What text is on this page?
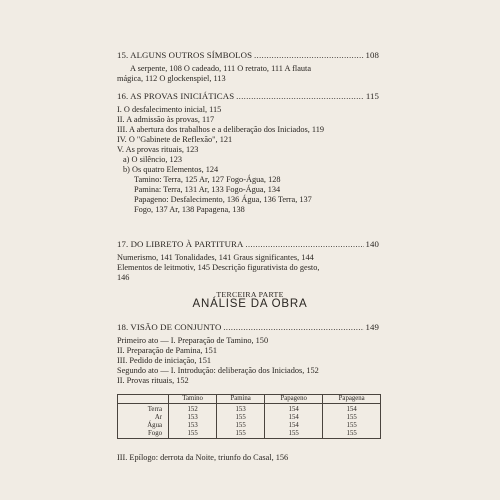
15. ALGUNS OUTROS SÍMBOLOS .....	108
A serpente, 108 O cadeado, 111 O retrato, 111 A flauta
mágica, 112 O glockenspiel, 113
16. AS PROVAS INICIÁTICAS .....	115
I. O desfalecimento inicial, 115
II. A admissão às provas, 117
III. A abertura dos trabalhos e a deliberação dos Iniciados, 119
IV. O "Gabinete de Reflexão", 121
V. As provas rituais, 123
a) O silêncio, 123
b) Os quatro Elementos, 124
Tamino: Terra, 125 Ar, 127 Fogo-Água, 128
Pamina: Terra, 131 Ar, 133 Fogo-Água, 134
Papageno: Desfalecimento, 136 Água, 136 Terra, 137
Fogo, 137 Ar, 138 Papagena, 138
17. DO LIBRETO À PARTITURA .....	140
Numerismo, 141 Tonalidades, 141 Graus significantes, 144
Elementos de leitmotiv, 145 Descrição figurativista do gesto,
146
TERCEIRA PARTE
ANÁLISE DA OBRA
18. VISÃO DE CONJUNTO .....	149
Primeiro ato — I. Preparação de Tamino, 150
II. Preparação de Pamina, 151
III. Pedido de iniciação, 151
Segundo ato — I. Introdução: deliberação dos Iniciados, 152
II. Provas rituais, 152
	Tamino	Pamina	Papageno	Papagena
Terra	152	153	154	154
Ar	153	155	154	155
Água	153	155	154	155
Fogo	155	155	155	155
III. Epílogo: derrota da Noite, triunfo do Casal, 156
